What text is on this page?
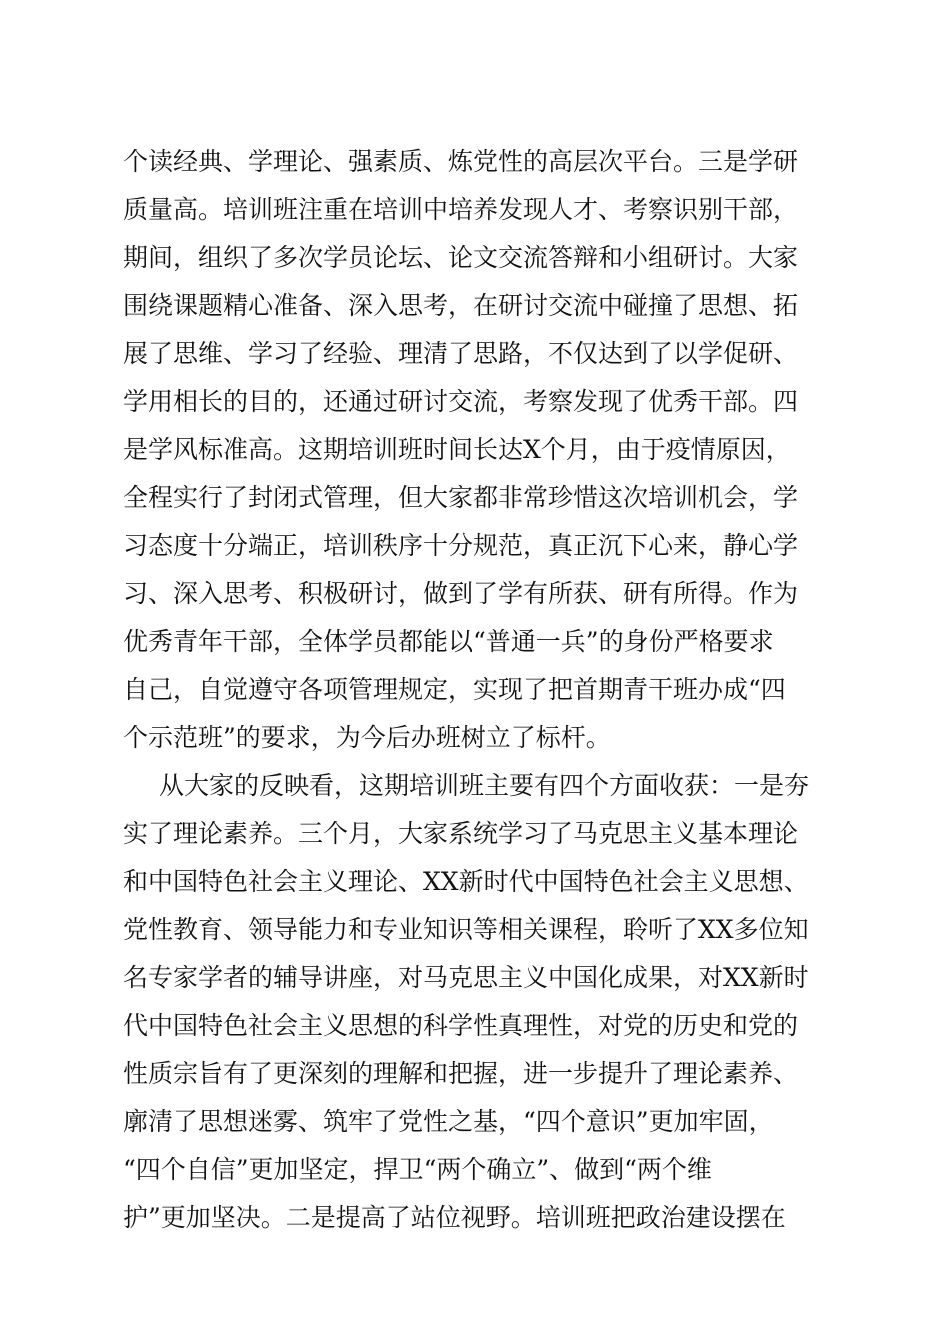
个读经典、学理论、强素质、炼党性的高层次平台。三是学研
质量高。培训班注重在培训中培养发现人才、考察识别干部，
期间，组织了多次学员论坛、论文交流答辩和小组研讨。大家
围绕课题精心准备、深入思考，在研讨交流中碰撞了思想、拓
展了思维、学习了经验、理清了思路，不仅达到了以学促研、
学用相长的目的，还通过研讨交流，考察发现了优秀干部。四
是学风标准高。这期培训班时间长达X个月，由于疫情原因，
全程实行了封闭式管理，但大家都非常珍惜这次培训机会，学
习态度十分端正，培训秩序十分规范，真正沉下心来，静心学
习、深入思考、积极研讨，做到了学有所获、研有所得。作为
优秀青年干部，全体学员都能以“普通一兵”的身份严格要求
自己，自觉遵守各项管理规定，实现了把首期青干班办成“四
个示范班”的要求，为今后办班树立了标杆。
从大家的反映看，这期培训班主要有四个方面收获：一是夯
实了理论素养。三个月，大家系统学习了马克思主义基本理论
和中国特色社会主义理论、XX新时代中国特色社会主义思想、
党性教育、领导能力和专业知识等相关课程，聆听了XX多位知
名专家学者的辅导讲座，对马克思主义中国化成果，对XX新时
代中国特色社会主义思想的科学性真理性，对党的历史和党的
性质宗旨有了更深刻的理解和把握，进一步提升了理论素养、
廓清了思想迷雾、筑牢了党性之基，“四个意识”更加牢固，
“四个自信”更加坚定，捍卫“两个确立”、做到“两个维
护”更加坚决。二是提高了站位视野。培训班把政治建设摆在
